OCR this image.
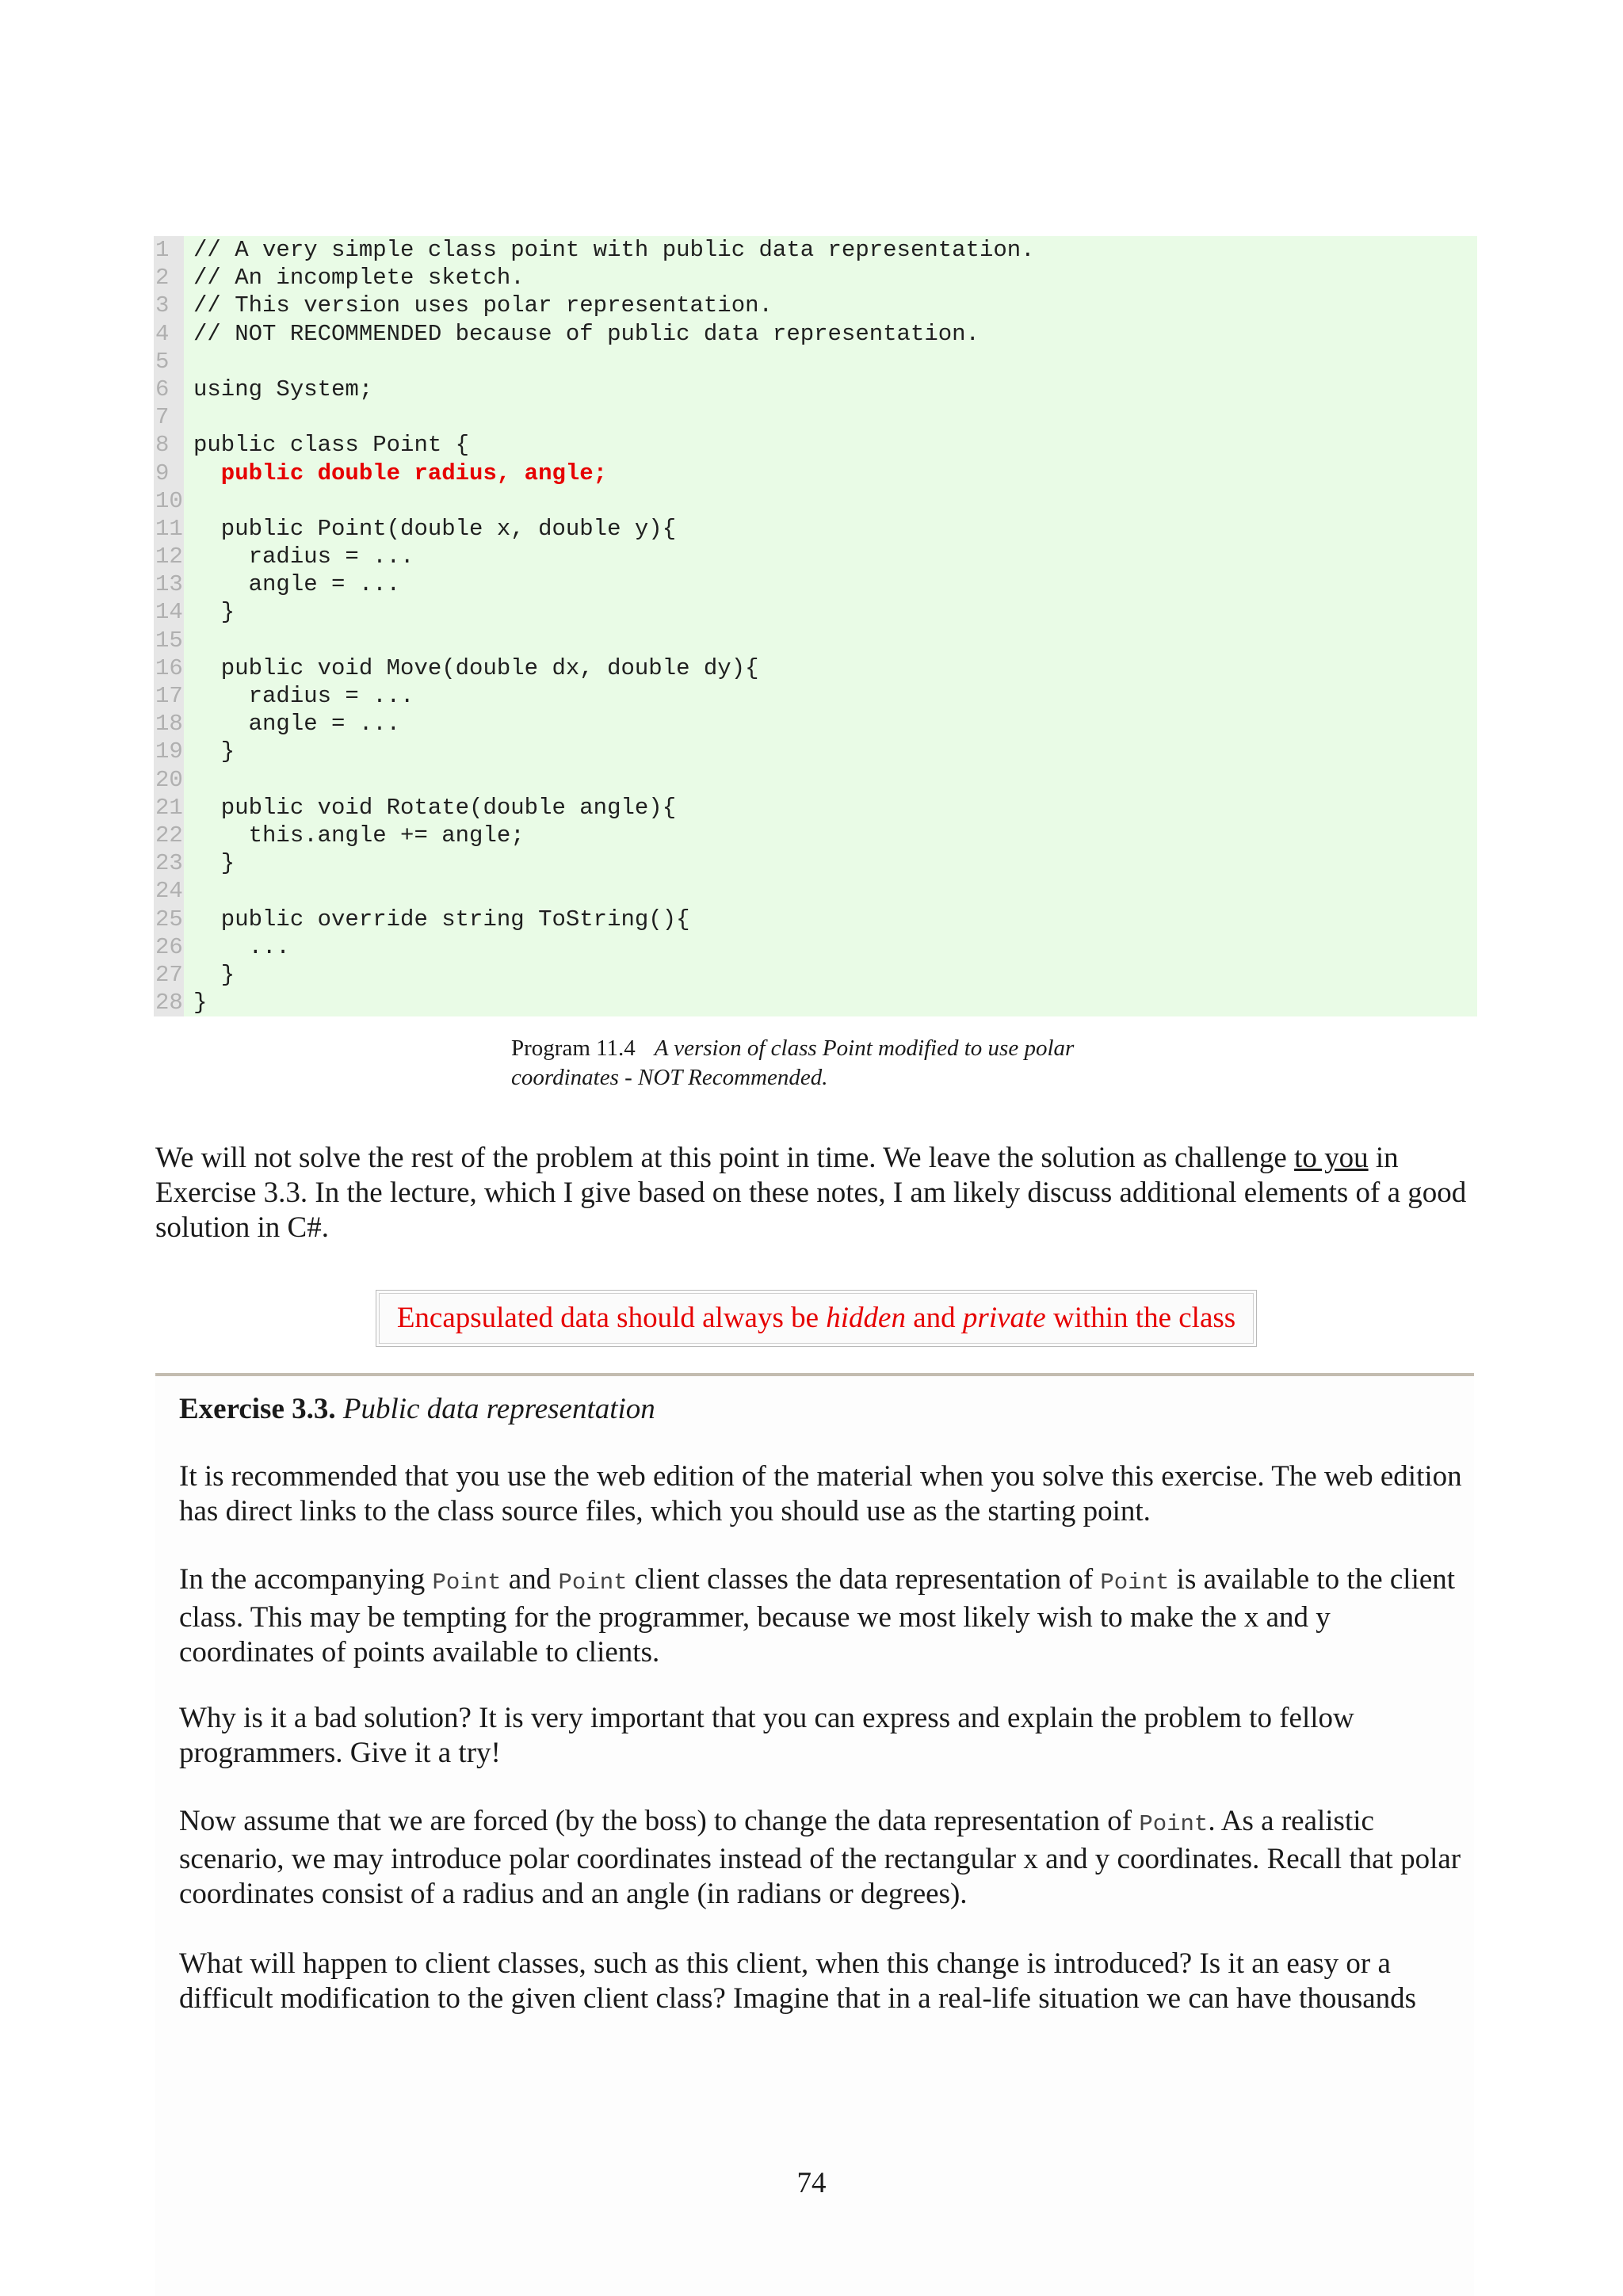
1 // A very simple class point with public data representation.
2 // An incomplete sketch.
3 // This version uses polar representation.
4 // NOT RECOMMENDED because of public data representation.
5
6 using System;
7
8 public class Point {
9 public double radius, angle;
10
11 public Point(double x, double y){
12 radius = ...
13 angle = ...
14 }
15
16 public void Move(double dx, double dy){
17 radius = ...
18 angle = ...
19 }
20
21 public void Rotate(double angle){
22 this.angle += angle;
23 }
24
25 public override string ToString(){
26 ...
27 }
28 }
Program 11.4 A version of class Point modified to use polar coordinates - NOT Recommended.
We will not solve the rest of the problem at this point in time. We leave the solution as challenge to you in Exercise 3.3. In the lecture, which I give based on these notes, I am likely discuss additional elements of a good solution in C#.
Encapsulated data should always be hidden and private within the class
Exercise 3.3. Public data representation
It is recommended that you use the web edition of the material when you solve this exercise. The web edition has direct links to the class source files, which you should use as the starting point.
In the accompanying Point and Point client classes the data representation of Point is available to the client class. This may be tempting for the programmer, because we most likely wish to make the x and y coordinates of points available to clients.
Why is it a bad solution? It is very important that you can express and explain the problem to fellow programmers. Give it a try!
Now assume that we are forced (by the boss) to change the data representation of Point. As a realistic scenario, we may introduce polar coordinates instead of the rectangular x and y coordinates. Recall that polar coordinates consist of a radius and an angle (in radians or degrees).
What will happen to client classes, such as this client, when this change is introduced? Is it an easy or a difficult modification to the given client class? Imagine that in a real-life situation we can have thousands
74
